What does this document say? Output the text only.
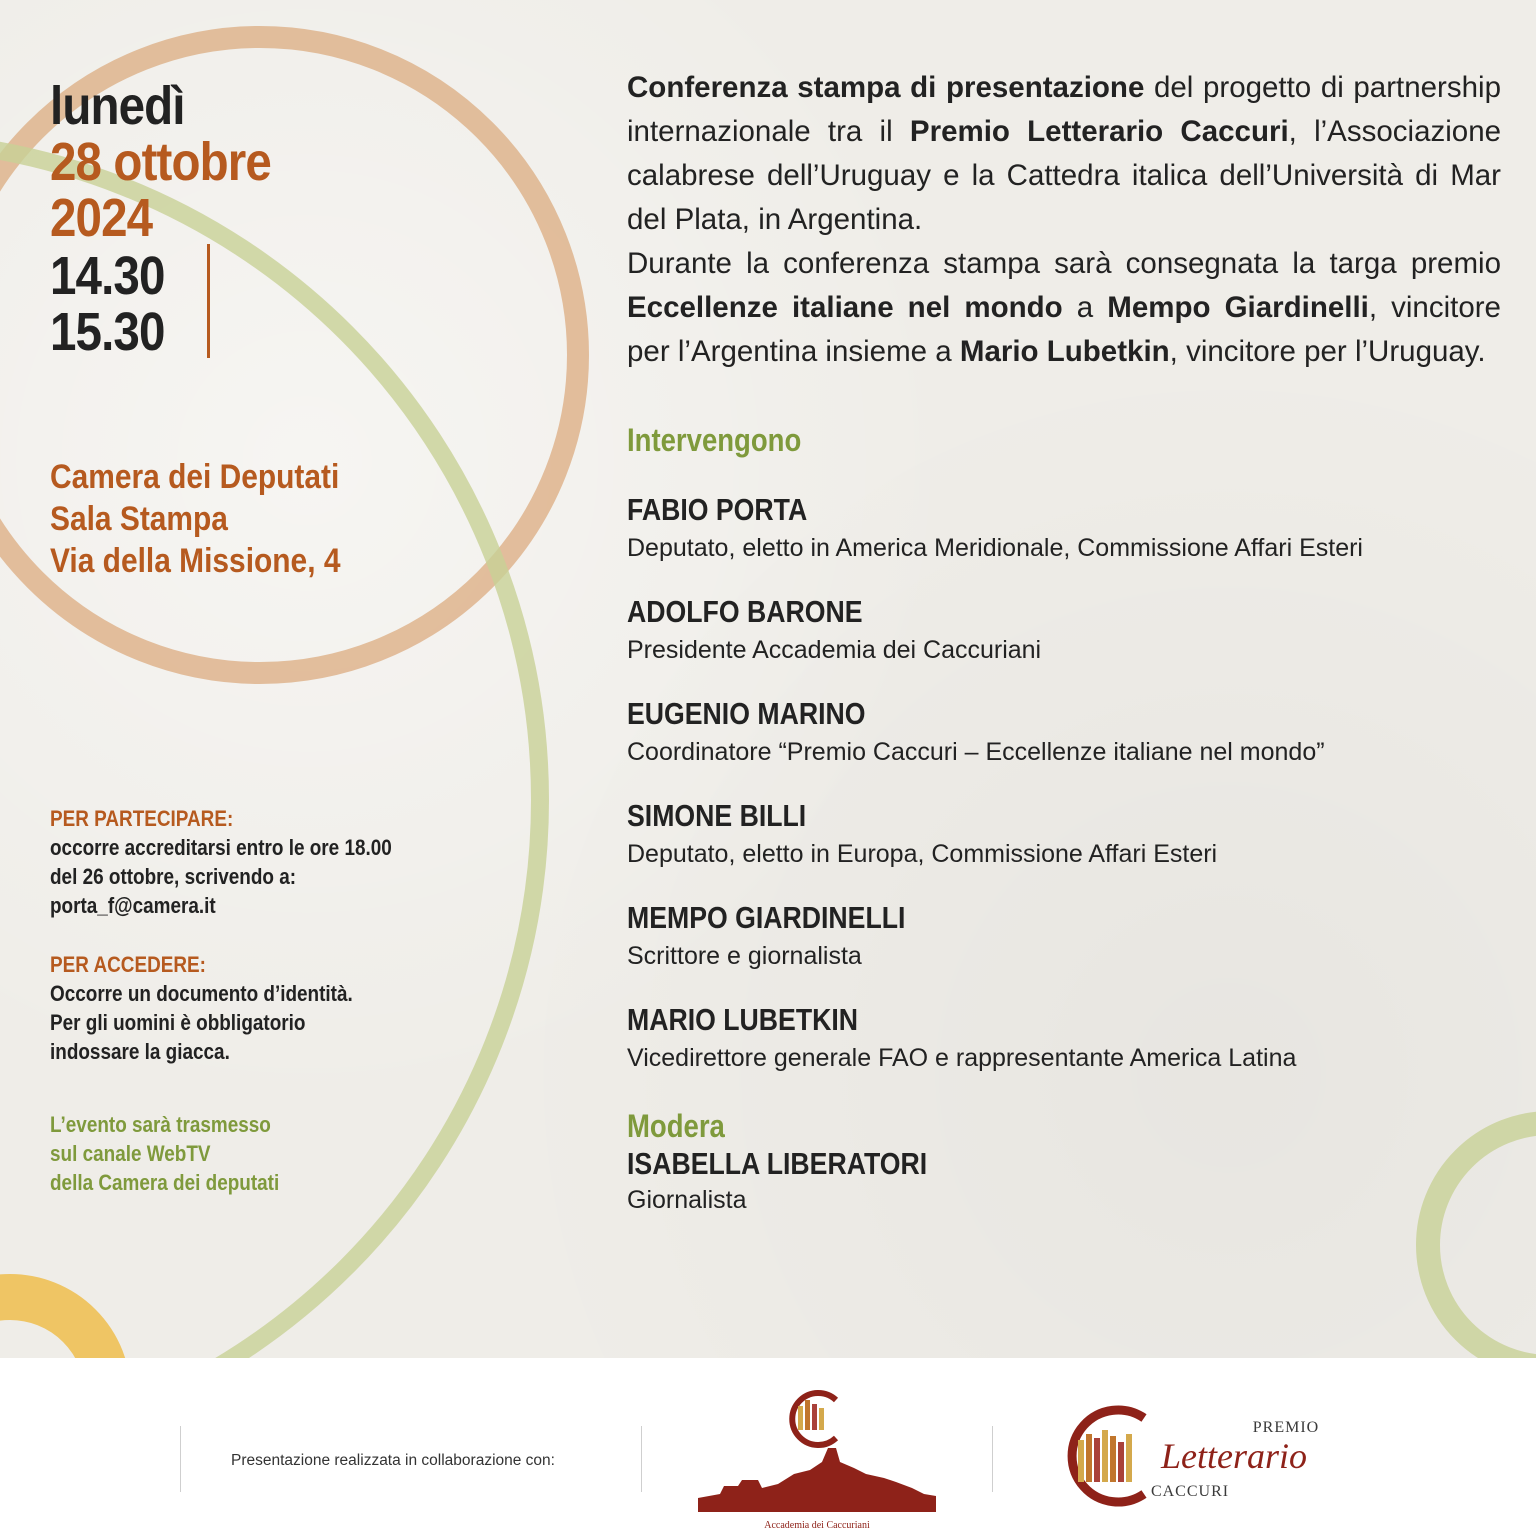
lunedì
28 ottobre
2024
14.30
15.30
Camera dei Deputati
Sala Stampa
Via della Missione, 4
PER PARTECIPARE:
occorre accreditarsi entro le ore 18.00
del 26 ottobre, scrivendo a:
porta_f@camera.it
PER ACCEDERE:
Occorre un documento d’identità.
Per gli uomini è obbligatorio
indossare la giacca.
L’evento sarà trasmesso
sul canale WebTV
della Camera dei deputati
Conferenza stampa di presentazione del progetto di partnership internazionale tra il Premio Letterario Caccuri, l’Associazione calabrese dell’Uruguay e la Cattedra italica dell’Università di Mar del Plata, in Argentina.
Durante la conferenza stampa sarà consegnata la targa premio Eccellenze italiane nel mondo a Mempo Giardinelli, vincitore per l’Argentina insieme a Mario Lubetkin, vincitore per l’Uruguay.
Intervengono
FABIO PORTA
Deputato, eletto in America Meridionale, Commissione Affari Esteri
ADOLFO BARONE
Presidente Accademia dei Caccuriani
EUGENIO MARINO
Coordinatore “Premio Caccuri – Eccellenze italiane nel mondo”
SIMONE BILLI
Deputato, eletto in Europa, Commissione Affari Esteri
MEMPO GIARDINELLI
Scrittore e giornalista
MARIO LUBETKIN
Vicedirettore generale FAO e rappresentante America Latina
Modera
ISABELLA LIBERATORI
Giornalista
Presentazione realizzata in collaborazione con:
Accademia dei Caccuriani
PREMIO
Letterario
CACCURI
